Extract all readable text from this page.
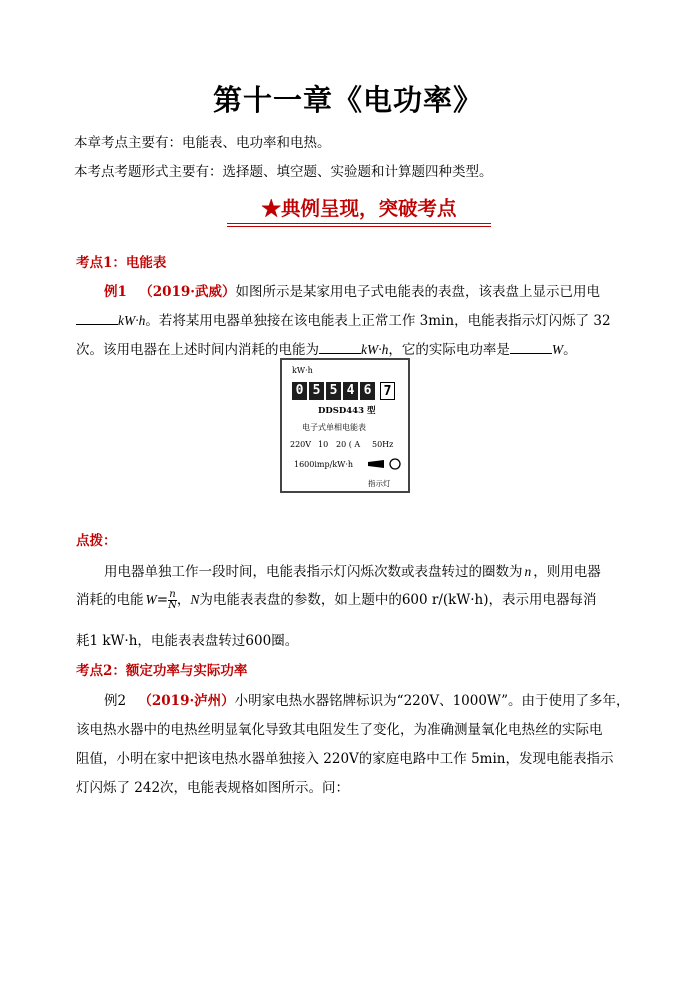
第十一章《电功率》
本章考点主要有：电能表、电功率和电热。
本考点考题形式主要有：选择题、填空题、实验题和计算题四种类型。
★典例呈现，突破考点
考点1：电能表
例1 （2019·武威）如图所示是某家用电子式电能表的表盘，该表盘上显示已用电
kW·h。若将某用电器单独接在该电能表上正常工作 3min，电能表指示灯闪烁了 32
次。该用电器在上述时间内消耗的电能为	kW·h，它的实际电功率是	W。
kW·h
0 5 5 4 6 7
DDSD443 型
电子式单相电能表
220V 10 20 ( A 50Hz
1600imp/kW·h
指示灯
点拨：
用电器单独工作一段时间，电能表指示灯闪烁次数或表盘转过的圈数为 n ，则用电器
消耗的电能 $W= \frac{n}{N}$ ，N为电能表表盘的参数，如上题中的600 r/(kW·h)，表示用电器每消
耗1 kW·h，电能表表盘转过600圈。
考点2：额定功率与实际功率
例2 （2019·泸州）小明家电热水器铭牌标识为“220V、1000W”。由于使用了多年，
该电热水器中的电热丝明显氧化导致其电阻发生了变化，为准确测量氧化电热丝的实际电
阻值，小明在家中把该电热水器单独接入 220V的家庭电路中工作 5min，发现电能表指示
灯闪烁了 242次，电能表规格如图所示。问：
